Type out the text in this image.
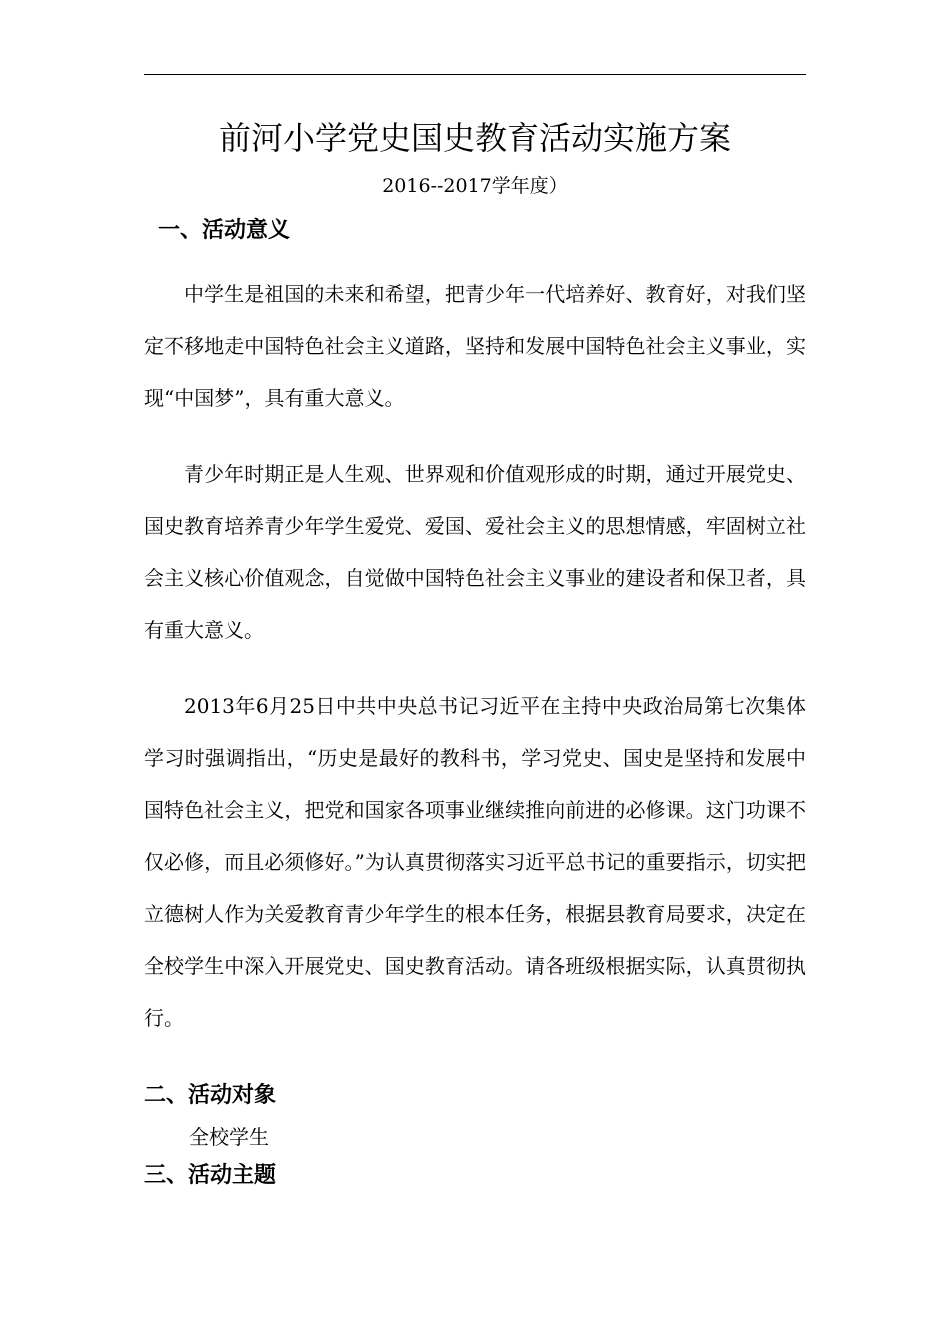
前河小学党史国史教育活动实施方案
2016--2017学年度）
一、活动意义

中学生是祖国的未来和希望，把青少年一代培养好、教育好，对我们坚定不移地走中国特色社会主义道路，坚持和发展中国特色社会主义事业，实现“中国梦”，具有重大意义。

青少年时期正是人生观、世界观和价值观形成的时期，通过开展党史、国史教育培养青少年学生爱党、爱国、爱社会主义的思想情感，牢固树立社会主义核心价值观念，自觉做中国特色社会主义事业的建设者和保卫者，具有重大意义。

2013年6月25日中共中央总书记习近平在主持中央政治局第七次集体学习时强调指出，“历史是最好的教科书，学习党史、国史是坚持和发展中国特色社会主义，把党和国家各项事业继续推向前进的必修课。这门功课不仅必修，而且必须修好。”为认真贯彻落实习近平总书记的重要指示，切实把立德树人作为关爱教育青少年学生的根本任务，根据县教育局要求，决定在全校学生中深入开展党史、国史教育活动。请各班级根据实际，认真贯彻执行。

二、活动对象
全校学生
三、活动主题
